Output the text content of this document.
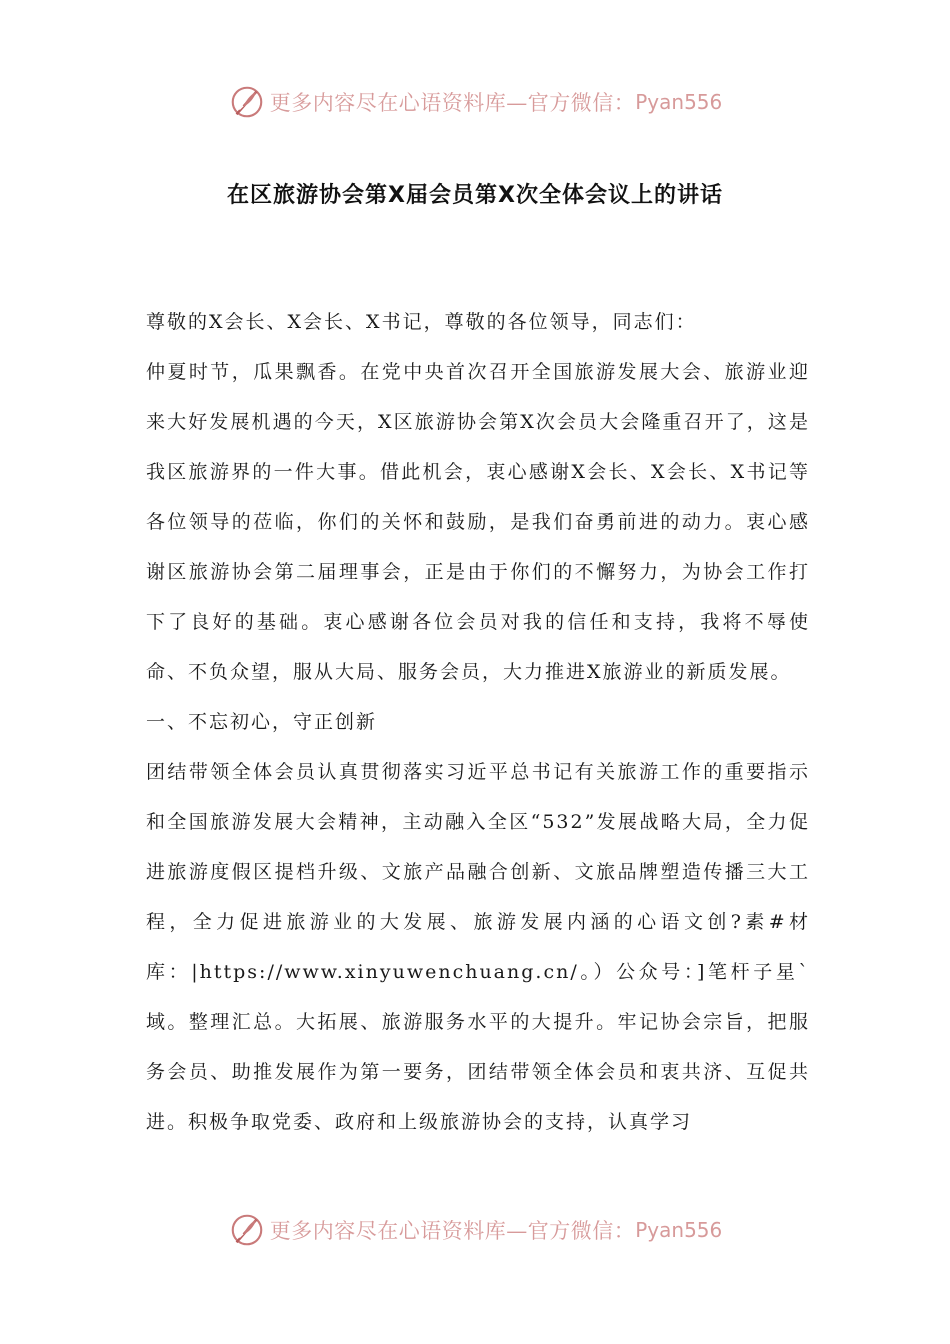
更多内容尽在心语资料库—官方微信： Pyan556
在区旅游协会第X届会员第X次全体会议上的讲话

尊敬的X会长、X会长、X书记，尊敬的各位领导，同志们：

仲夏时节，瓜果飘香。在党中央首次召开全国旅游发展大会、旅游业迎来大好发展机遇的今天，X区旅游协会第X次会员大会隆重召开了，这是我区旅游界的一件大事。借此机会，衷心感谢X会长、X会长、X书记等各位领导的莅临，你们的关怀和鼓励，是我们奋勇前进的动力。衷心感谢区旅游协会第二届理事会，正是由于你们的不懈努力，为协会工作打下了良好的基础。衷心感谢各位会员对我的信任和支持，我将不辱使命、不负众望，服从大局、服务会员，大力推进X旅游业的新质发展。

一、不忘初心，守正创新

团结带领全体会员认真贯彻落实习近平总书记有关旅游工作的重要指示和全国旅游发展大会精神，主动融入全区“532”发展战略大局，全力促进旅游度假区提档升级、文旅产品融合创新、文旅品牌塑造传播三大工程，全力促进旅游业的大发展、旅游发展内涵的心语文创?素#材库：|https://www.xinyuwenchuang.cn/。）公众号：]笔杆子星`域。整理汇总。大拓展、旅游服务水平的大提升。牢记协会宗旨，把服务会员、助推发展作为第一要务，团结带领全体会员和衷共济、互促共进。积极争取党委、政府和上级旅游协会的支持，认真学习

更多内容尽在心语资料库—官方微信： Pyan556
